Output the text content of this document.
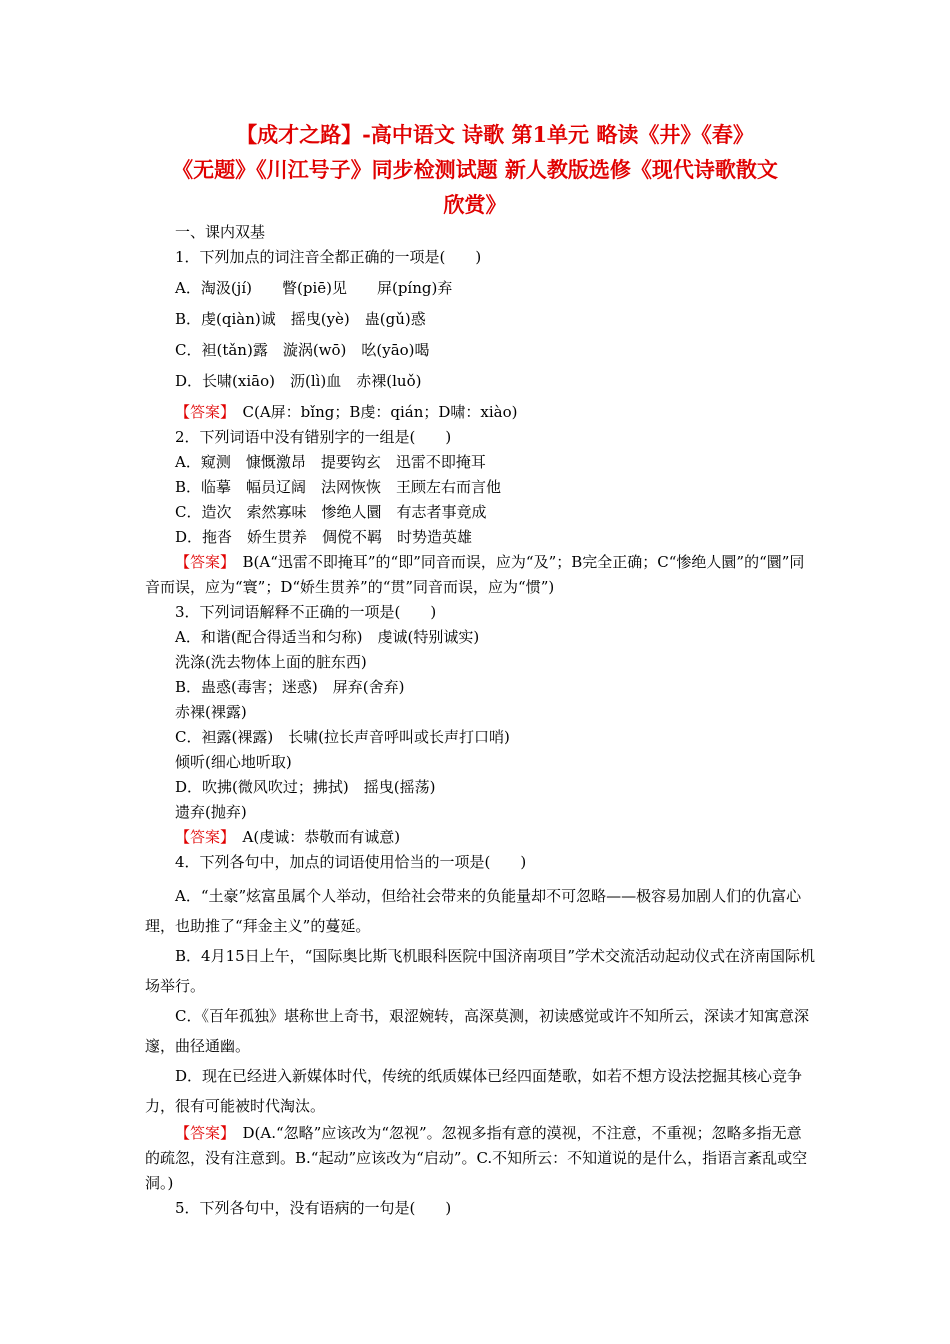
【成才之路】-高中语文 诗歌 第1单元 略读《井》《春》
《无题》《川江号子》同步检测试题 新人教版选修《现代诗歌散文
欣赏》
一、课内双基
1．下列加点的词注音全都正确的一项是(　　)
A．淘汲(jí)　　瞥(piē)见　　屏(píng)弃
B．虔(qiàn)诚　摇曳(yè)　蛊(gǔ)惑
C．袒(tǎn)露　漩涡(wō)　吆(yāo)喝
D．长啸(xiāo)　沥(lì)血　赤裸(luǒ)
【答案】　C(A屏：bǐng；B虔：qián；D啸：xiào)
2．下列词语中没有错别字的一组是(　　)
A．窥测　慷慨激昂　提要钩玄　迅雷不即掩耳
B．临摹　幅员辽阔　法网恢恢　王顾左右而言他
C．造次　索然寡味　惨绝人圜　有志者事竟成
D．拖沓　娇生贯养　倜傥不羁　时势造英雄
【答案】　B(A“迅雷不即掩耳”的“即”同音而误，应为“及”；B完全正确；C“惨绝人圜”的“圜”同音而误，应为“寰”；D“娇生贯养”的“贯”同音而误，应为“惯”)
3．下列词语解释不正确的一项是(　　)
A．和谐(配合得适当和匀称)　虔诚(特别诚实)
洗涤(洗去物体上面的脏东西)
B．蛊惑(毒害；迷惑)　屏弃(舍弃)
赤裸(裸露)
C．袒露(裸露)　长啸(拉长声音呼叫或长声打口哨)
倾听(细心地听取)
D．吹拂(微风吹过；拂拭)　摇曳(摇荡)
遗弃(抛弃)
【答案】　A(虔诚：恭敬而有诚意)
4．下列各句中，加点的词语使用恰当的一项是(　　)
A．“土豪”炫富虽属个人举动，但给社会带来的负能量却不可忽略——极容易加剧人们的仇富心理，也助推了“拜金主义”的蔓延。
B．4月15日上午，“国际奥比斯飞机眼科医院中国济南项目”学术交流活动起动仪式在济南国际机场举行。
C．《百年孤独》堪称世上奇书，艰涩婉转，高深莫测，初读感觉或许不知所云，深读才知寓意深邃，曲径通幽。
D．现在已经进入新媒体时代，传统的纸质媒体已经四面楚歌，如若不想方设法挖掘其核心竞争力，很有可能被时代淘汰。
【答案】　D(A.“忽略”应该改为“忽视”。忽视多指有意的漠视，不注意，不重视；忽略多指无意的疏忽，没有注意到。B.“起动”应该改为“启动”。C.不知所云：不知道说的是什么，指语言紊乱或空洞。)
5．下列各句中，没有语病的一句是(　　)
